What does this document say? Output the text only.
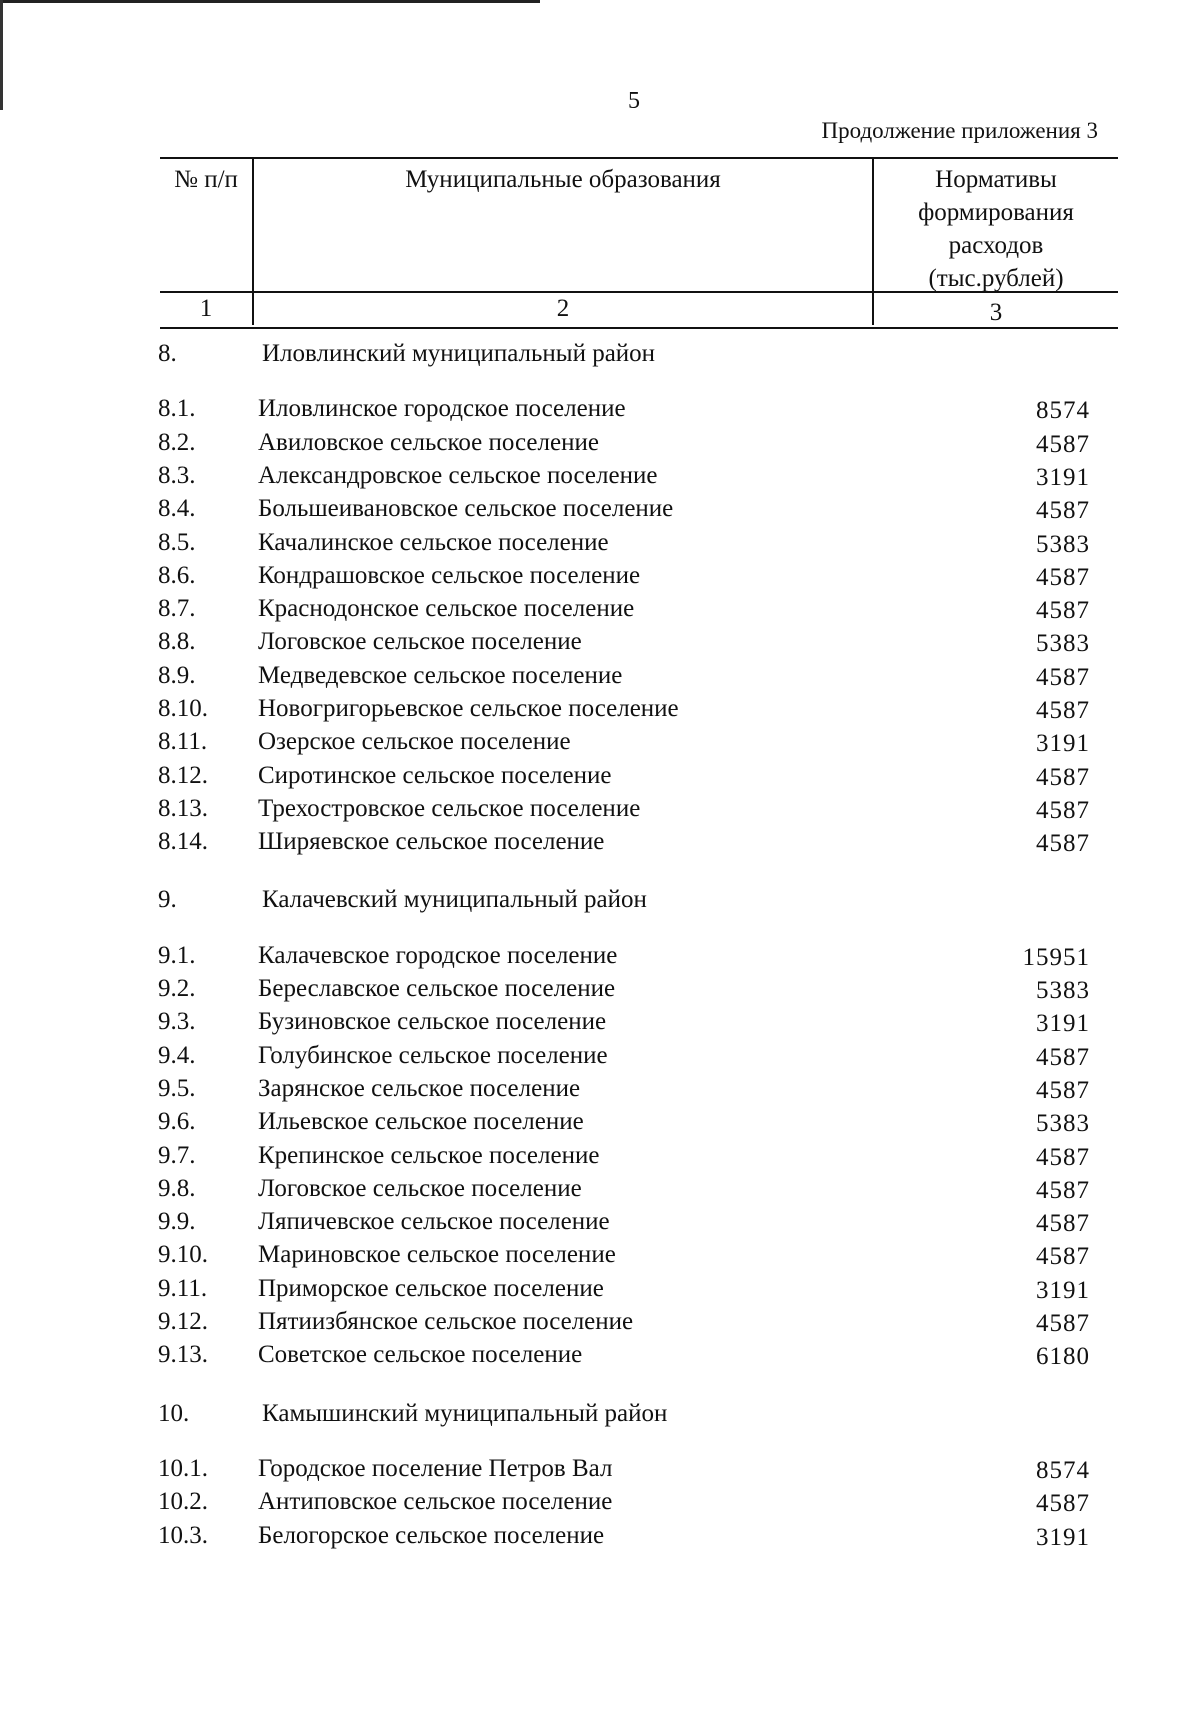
5
Продолжение приложения 3
№ п/п	Муниципальные образования	Нормативы формирования расходов (тыс.рублей)
1	2	3
8.	Иловлинский муниципальный район
8.1.	Иловлинское городское поселение	8574
8.2.	Авиловское сельское поселение	4587
8.3.	Александровское сельское поселение	3191
8.4.	Большеивановское сельское поселение	4587
8.5.	Качалинское сельское поселение	5383
8.6.	Кондрашовское сельское поселение	4587
8.7.	Краснодонское сельское поселение	4587
8.8.	Логовское сельское поселение	5383
8.9.	Медведевское сельское поселение	4587
8.10. Новогригорьевское сельское поселение	4587
8.11. Озерское сельское поселение	3191
8.12. Сиротинское сельское поселение	4587
8.13. Трехостровское сельское поселение	4587
8.14. Ширяевское сельское поселение	4587
9.	Калачевский муниципальный район
9.1.	Калачевское городское поселение	15951
9.2.	Береславское сельское поселение	5383
9.3.	Бузиновское сельское поселение	3191
9.4.	Голубинское сельское поселение	4587
9.5.	Зарянское сельское поселение	4587
9.6.	Ильевское сельское поселение	5383
9.7.	Крепинское сельское поселение	4587
9.8.	Логовское сельское поселение	4587
9.9.	Ляпичевское сельское поселение	4587
9.10. Мариновское сельское поселение	4587
9.11. Приморское сельское поселение	3191
9.12. Пятиизбянское сельское поселение	4587
9.13. Советское сельское поселение	6180
10.	Камышинский муниципальный район
10.1. Городское поселение Петров Вал	8574
10.2. Антиповское сельское поселение	4587
10.3. Белогорское сельское поселение	3191
